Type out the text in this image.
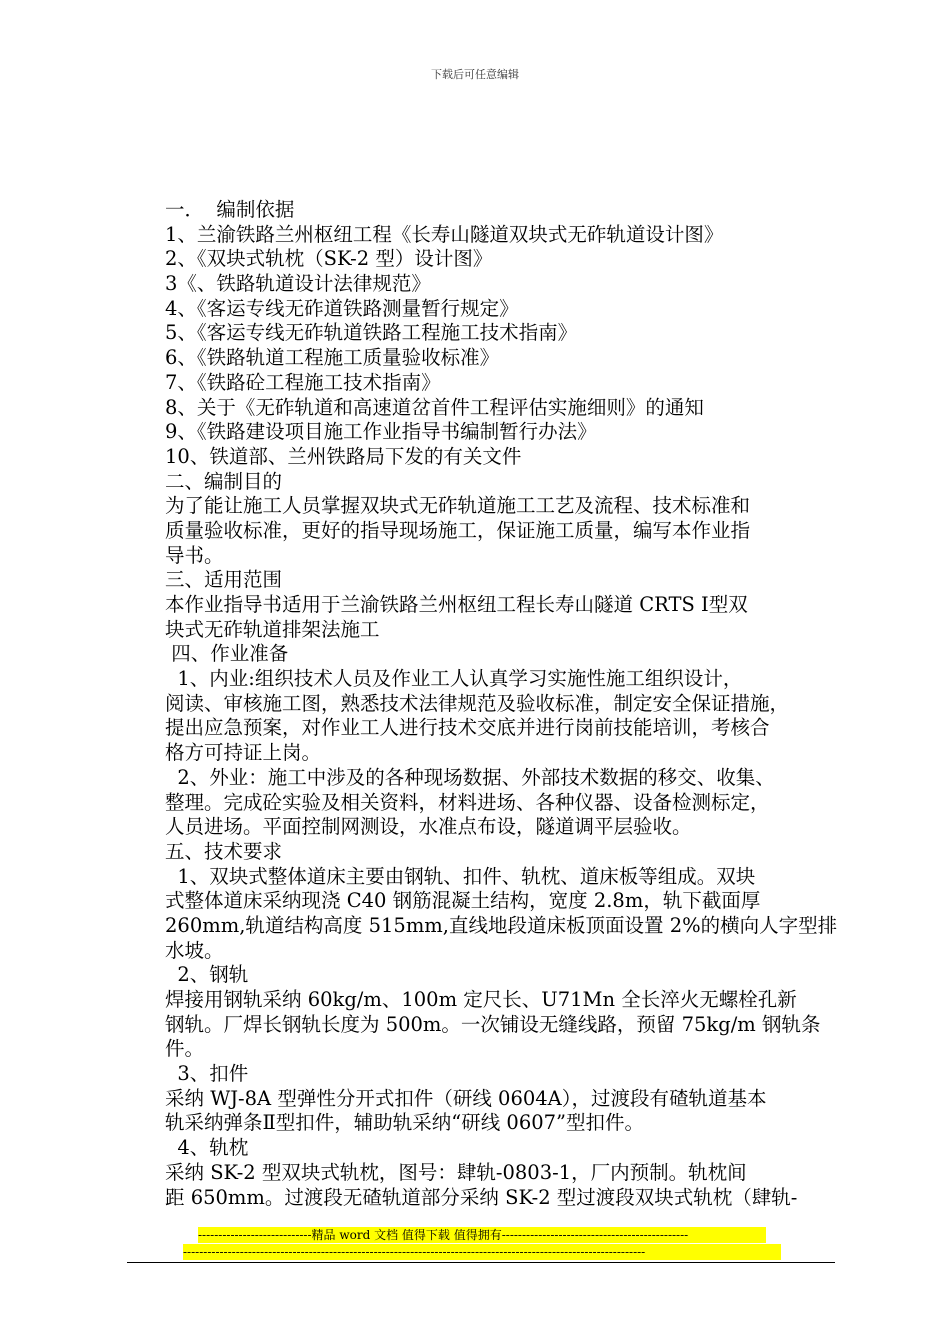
下载后可任意编辑
一．  编制依据
1、兰渝铁路兰州枢纽工程《长寿山隧道双块式无砟轨道设计图》
2、《双块式轨枕（SK-2 型）设计图》
3《、铁路轨道设计法律规范》
4、《客运专线无砟道铁路测量暂行规定》
5、《客运专线无砟轨道铁路工程施工技术指南》
6、《铁路轨道工程施工质量验收标准》
7、《铁路砼工程施工技术指南》
8、关于《无砟轨道和高速道岔首件工程评估实施细则》的通知
9、《铁路建设项目施工作业指导书编制暂行办法》
10、铁道部、兰州铁路局下发的有关文件
二、编制目的
为了能让施工人员掌握双块式无砟轨道施工工艺及流程、技术标准和
质量验收标准，更好的指导现场施工，保证施工质量，编写本作业指
导书。
三、适用范围
本作业指导书适用于兰渝铁路兰州枢纽工程长寿山隧道 CRTS Ⅰ型双
块式无砟轨道排架法施工
四、作业准备
1、内业:组织技术人员及作业工人认真学习实施性施工组织设计，
阅读、审核施工图，熟悉技术法律规范及验收标准，制定安全保证措施，
提出应急预案，对作业工人进行技术交底并进行岗前技能培训，考核合
格方可持证上岗。
2、外业：施工中涉及的各种现场数据、外部技术数据的移交、收集、
整理。完成砼实验及相关资料，材料进场、各种仪器、设备检测标定，
人员进场。平面控制网测设，水准点布设，隧道调平层验收。
五、技术要求
1、双块式整体道床主要由钢轨、扣件、轨枕、道床板等组成。双块
式整体道床采纳现浇 C40 钢筋混凝土结构，宽度 2.8m，轨下截面厚
260mm,轨道结构高度 515mm,直线地段道床板顶面设置 2%的横向人字型排
水坡。
2、钢轨
焊接用钢轨采纳 60kg/m、100m 定尺长、U71Mn 全长淬火无螺栓孔新
钢轨。厂焊长钢轨长度为 500m。一次铺设无缝线路，预留 75kg/m 钢轨条
件。
3、扣件
采纳 WJ-8A 型弹性分开式扣件（研线 0604A），过渡段有碴轨道基本
轨采纳弹条Ⅱ型扣件，辅助轨采纳“研线 0607”型扣件。
4、轨枕
采纳 SK-2 型双块式轨枕，图号：肆轨-0803-1，厂内预制。轨枕间
距 650mm。过渡段无碴轨道部分采纳 SK-2 型过渡段双块式轨枕（肆轨-
----------------------------精品 word 文档 值得下载 值得拥有----------------------------------------------
------------------------------------------------------------------------------------------------------------------
